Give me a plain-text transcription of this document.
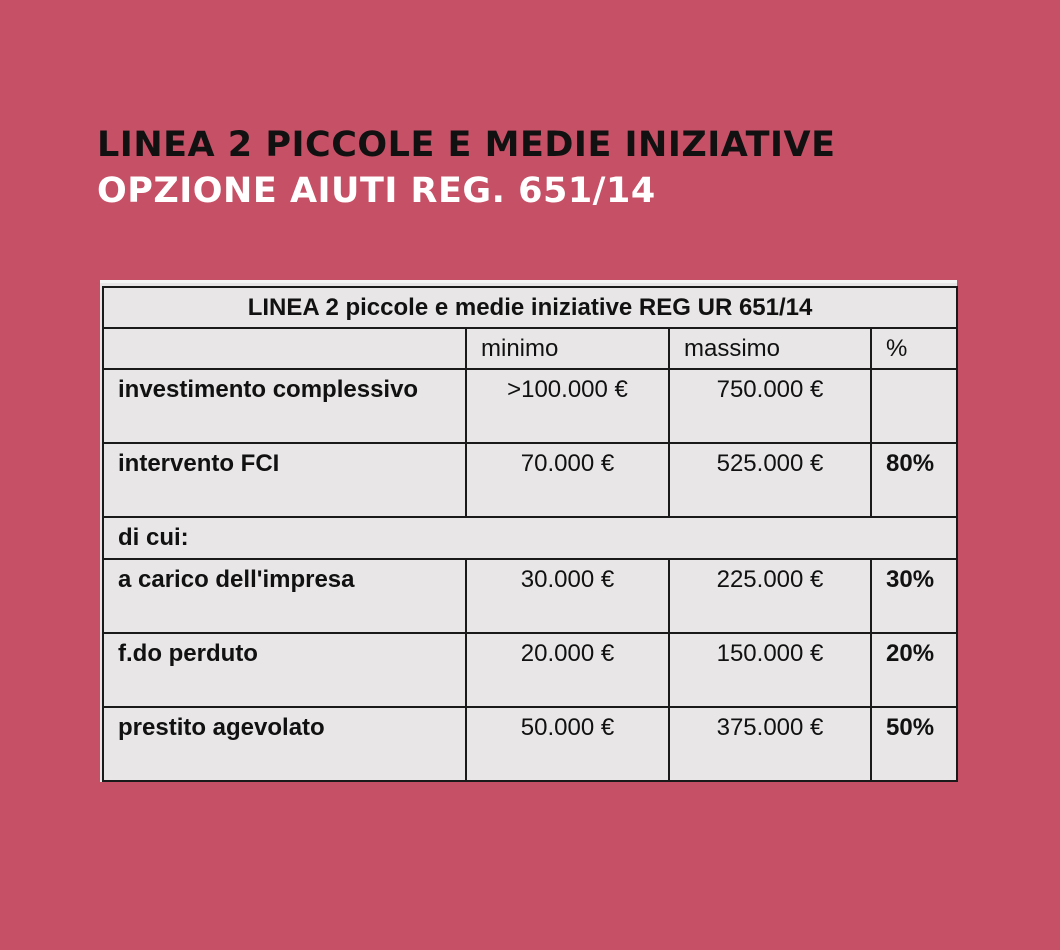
LINEA 2 PICCOLE E MEDIE INIZIATIVE
OPZIONE AIUTI REG. 651/14
LINEA 2 piccole e medie iniziative REG UR 651/14			
	minimo	massimo	%
investimento complessivo	>100.000 €	750.000 €	
intervento FCI	70.000 €	525.000 €	80%
di cui:			
a carico dell'impresa	30.000 €	225.000 €	30%
f.do perduto	20.000 €	150.000 €	20%
prestito agevolato	50.000 €	375.000 €	50%
